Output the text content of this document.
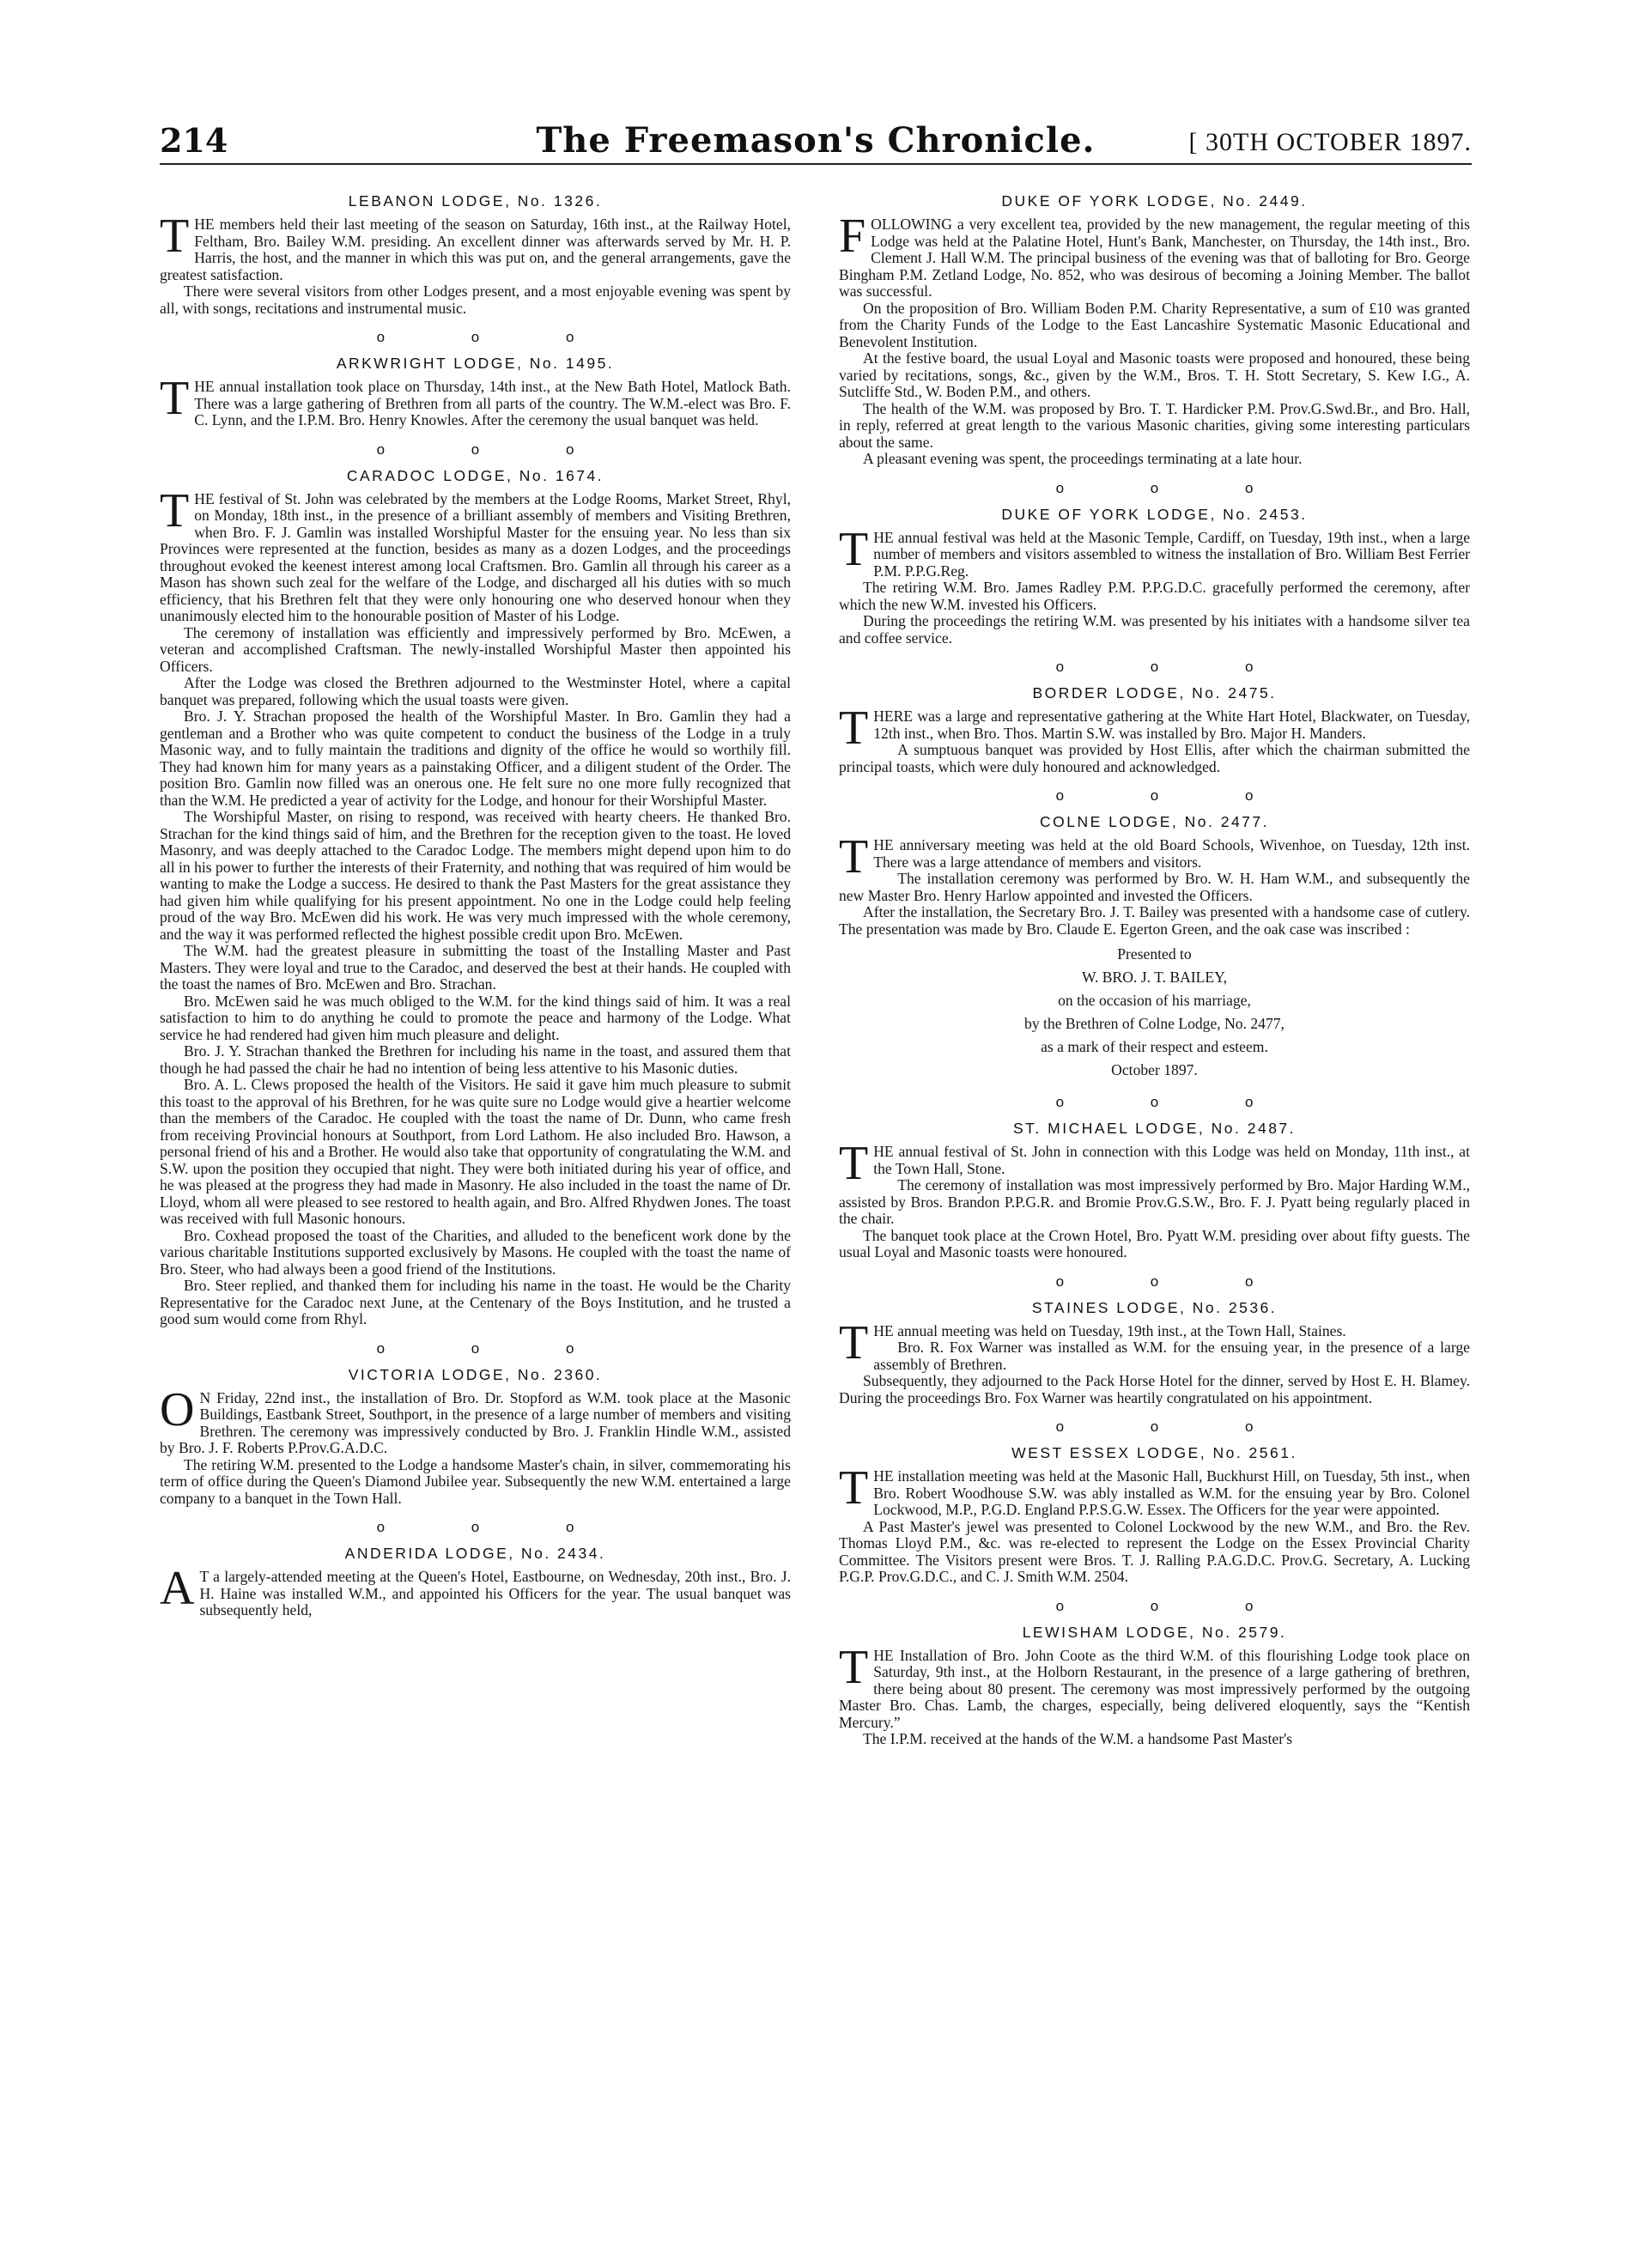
214	The Freemason's Chronicle.	[ 30TH OCTOBER 1897.
LEBANON LODGE, No. 1326.

THE members held their last meeting of the season on Saturday, 16th inst., at the Railway Hotel, Feltham, Bro. Bailey W.M. presiding. An excellent dinner was afterwards served by Mr. H. P. Harris, the host, and the manner in which this was put on, and the general arrangements, gave the greatest satisfaction.

There were several visitors from other Lodges present, and a most enjoyable evening was spent by all, with songs, recitations and instrumental music.

o o o
ARKWRIGHT LODGE, No. 1495.

THE annual installation took place on Thursday, 14th inst., at the New Bath Hotel, Matlock Bath. There was a large gathering of Brethren from all parts of the country. The W.M.-elect was Bro. F. C. Lynn, and the I.P.M. Bro. Henry Knowles. After the ceremony the usual banquet was held.

o o o
CARADOC LODGE, No. 1674.

THE festival of St. John was celebrated by the members at the Lodge Rooms, Market Street, Rhyl, on Monday, 18th inst., in the presence of a brilliant assembly of members and Visiting Brethren, when Bro. F. J. Gamlin was installed Worshipful Master for the ensuing year. No less than six Provinces were represented at the function, besides as many as a dozen Lodges, and the proceedings throughout evoked the keenest interest among local Craftsmen. Bro. Gamlin all through his career as a Mason has shown such zeal for the welfare of the Lodge, and discharged all his duties with so much efficiency, that his Brethren felt that they were only honouring one who deserved honour when they unanimously elected him to the honourable position of Master of his Lodge.

The ceremony of installation was efficiently and impressively performed by Bro. McEwen, a veteran and accomplished Craftsman. The newly-installed Worshipful Master then appointed his Officers.

After the Lodge was closed the Brethren adjourned to the Westminster Hotel, where a capital banquet was prepared, following which the usual toasts were given.

Bro. J. Y. Strachan proposed the health of the Worshipful Master. In Bro. Gamlin they had a gentleman and a Brother who was quite competent to conduct the business of the Lodge in a truly Masonic way, and to fully maintain the traditions and dignity of the office he would so worthily fill. They had known him for many years as a painstaking Officer, and a diligent student of the Order. The position Bro. Gamlin now filled was an onerous one. He felt sure no one more fully recognized that than the W.M. He predicted a year of activity for the Lodge, and honour for their Worshipful Master.

The Worshipful Master, on rising to respond, was received with hearty cheers. He thanked Bro. Strachan for the kind things said of him, and the Brethren for the reception given to the toast. He loved Masonry, and was deeply attached to the Caradoc Lodge. The members might depend upon him to do all in his power to further the interests of their Fraternity, and nothing that was required of him would be wanting to make the Lodge a success. He desired to thank the Past Masters for the great assistance they had given him while qualifying for his present appointment. No one in the Lodge could help feeling proud of the way Bro. McEwen did his work. He was very much impressed with the whole ceremony, and the way it was performed reflected the highest possible credit upon Bro. McEwen.

The W.M. had the greatest pleasure in submitting the toast of the Installing Master and Past Masters. They were loyal and true to the Caradoc, and deserved the best at their hands. He coupled with the toast the names of Bro. McEwen and Bro. Strachan.

Bro. McEwen said he was much obliged to the W.M. for the kind things said of him. It was a real satisfaction to him to do anything he could to promote the peace and harmony of the Lodge. What service he had rendered had given him much pleasure and delight.

Bro. J. Y. Strachan thanked the Brethren for including his name in the toast, and assured them that though he had passed the chair he had no intention of being less attentive to his Masonic duties.

Bro. A. L. Clews proposed the health of the Visitors. He said it gave him much pleasure to submit this toast to the approval of his Brethren, for he was quite sure no Lodge would give a heartier welcome than the members of the Caradoc. He coupled with the toast the name of Dr. Dunn, who came fresh from receiving Provincial honours at Southport, from Lord Lathom. He also included Bro. Hawson, a personal friend of his and a Brother. He would also take that opportunity of congratulating the W.M. and S.W. upon the position they occupied that night. They were both initiated during his year of office, and he was pleased at the progress they had made in Masonry. He also included in the toast the name of Dr. Lloyd, whom all were pleased to see restored to health again, and Bro. Alfred Rhydwen Jones. The toast was received with full Masonic honours.

Bro. Coxhead proposed the toast of the Charities, and alluded to the beneficent work done by the various charitable Institutions supported exclusively by Masons. He coupled with the toast the name of Bro. Steer, who had always been a good friend of the Institutions.

Bro. Steer replied, and thanked them for including his name in the toast. He would be the Charity Representative for the Caradoc next June, at the Centenary of the Boys Institution, and he trusted a good sum would come from Rhyl.

o o o
VICTORIA LODGE, No. 2360.

ON Friday, 22nd inst., the installation of Bro. Dr. Stopford as W.M. took place at the Masonic Buildings, Eastbank Street, Southport, in the presence of a large number of members and visiting Brethren. The ceremony was impressively conducted by Bro. J. Franklin Hindle W.M., assisted by Bro. J. F. Roberts P.Prov.G.A.D.C.

The retiring W.M. presented to the Lodge a handsome Master's chain, in silver, commemorating his term of office during the Queen's Diamond Jubilee year. Subsequently the new W.M. entertained a large company to a banquet in the Town Hall.

o o o
ANDERIDA LODGE, No. 2434.

AT a largely-attended meeting at the Queen's Hotel, Eastbourne, on Wednesday, 20th inst., Bro. J. H. Haine was installed W.M., and appointed his Officers for the year. The usual banquet was subsequently held,

DUKE OF YORK LODGE, No. 2449.

FOLLOWING a very excellent tea, provided by the new management, the regular meeting of this Lodge was held at the Palatine Hotel, Hunt's Bank, Manchester, on Thursday, the 14th inst., Bro. Clement J. Hall W.M. The principal business of the evening was that of balloting for Bro. George Bingham P.M. Zetland Lodge, No. 852, who was desirous of becoming a Joining Member. The ballot was successful.

On the proposition of Bro. William Boden P.M. Charity Representative, a sum of £10 was granted from the Charity Funds of the Lodge to the East Lancashire Systematic Masonic Educational and Benevolent Institution.

At the festive board, the usual Loyal and Masonic toasts were proposed and honoured, these being varied by recitations, songs, &c., given by the W.M., Bros. T. H. Stott Secretary, S. Kew I.G., A. Sutcliffe Std., W. Boden P.M., and others.

The health of the W.M. was proposed by Bro. T. T. Hardicker P.M. Prov.G.Swd.Br., and Bro. Hall, in reply, referred at great length to the various Masonic charities, giving some interesting particulars about the same.

A pleasant evening was spent, the proceedings terminating at a late hour.

o o o
DUKE OF YORK LODGE, No. 2453.

THE annual festival was held at the Masonic Temple, Cardiff, on Tuesday, 19th inst., when a large number of members and visitors assembled to witness the installation of Bro. William Best Ferrier P.M. P.P.G.Reg.

The retiring W.M. Bro. James Radley P.M. P.P.G.D.C. gracefully performed the ceremony, after which the new W.M. invested his Officers.

During the proceedings the retiring W.M. was presented by his initiates with a handsome silver tea and coffee service.

o o o
BORDER LODGE, No. 2475.

THERE was a large and representative gathering at the White Hart Hotel, Blackwater, on Tuesday, 12th inst., when Bro. Thos. Martin S.W. was installed by Bro. Major H. Manders.

A sumptuous banquet was provided by Host Ellis, after which the chairman submitted the principal toasts, which were duly honoured and acknowledged.

o o o
COLNE LODGE, No. 2477.

THE anniversary meeting was held at the old Board Schools, Wivenhoe, on Tuesday, 12th inst. There was a large attendance of members and visitors.

The installation ceremony was performed by Bro. W. H. Ham W.M., and subsequently the new Master Bro. Henry Harlow appointed and invested the Officers.

After the installation, the Secretary Bro. J. T. Bailey was presented with a handsome case of cutlery. The presentation was made by Bro. Claude E. Egerton Green, and the oak case was inscribed :

Presented to

W. BRO. J. T. BAILEY,

on the occasion of his marriage,

by the Brethren of Colne Lodge, No. 2477,

as a mark of their respect and esteem.

October 1897.

o o o
ST. MICHAEL LODGE, No. 2487.

THE annual festival of St. John in connection with this Lodge was held on Monday, 11th inst., at the Town Hall, Stone.

The ceremony of installation was most impressively performed by Bro. Major Harding W.M., assisted by Bros. Brandon P.P.G.R. and Bromie Prov.G.S.W., Bro. F. J. Pyatt being regularly placed in the chair.

The banquet took place at the Crown Hotel, Bro. Pyatt W.M. presiding over about fifty guests. The usual Loyal and Masonic toasts were honoured.

o o o
STAINES LODGE, No. 2536.

THE annual meeting was held on Tuesday, 19th inst., at the Town Hall, Staines.

Bro. R. Fox Warner was installed as W.M. for the ensuing year, in the presence of a large assembly of Brethren.

Subsequently, they adjourned to the Pack Horse Hotel for the dinner, served by Host E. H. Blamey. During the proceedings Bro. Fox Warner was heartily congratulated on his appointment.

o o o
WEST ESSEX LODGE, No. 2561.

THE installation meeting was held at the Masonic Hall, Buckhurst Hill, on Tuesday, 5th inst., when Bro. Robert Woodhouse S.W. was ably installed as W.M. for the ensuing year by Bro. Colonel Lockwood, M.P., P.G.D. England P.P.S.G.W. Essex. The Officers for the year were appointed.

A Past Master's jewel was presented to Colonel Lockwood by the new W.M., and Bro. the Rev. Thomas Lloyd P.M., &c. was re-elected to represent the Lodge on the Essex Provincial Charity Committee. The Visitors present were Bros. T. J. Ralling P.A.G.D.C. Prov.G. Secretary, A. Lucking P.G.P. Prov.G.D.C., and C. J. Smith W.M. 2504.

o o o
LEWISHAM LODGE, No. 2579.

THE Installation of Bro. John Coote as the third W.M. of this flourishing Lodge took place on Saturday, 9th inst., at the Holborn Restaurant, in the presence of a large gathering of brethren, there being about 80 present. The ceremony was most impressively performed by the outgoing Master Bro. Chas. Lamb, the charges, especially, being delivered eloquently, says the “Kentish Mercury.”

The I.P.M. received at the hands of the W.M. a handsome Past Master's
